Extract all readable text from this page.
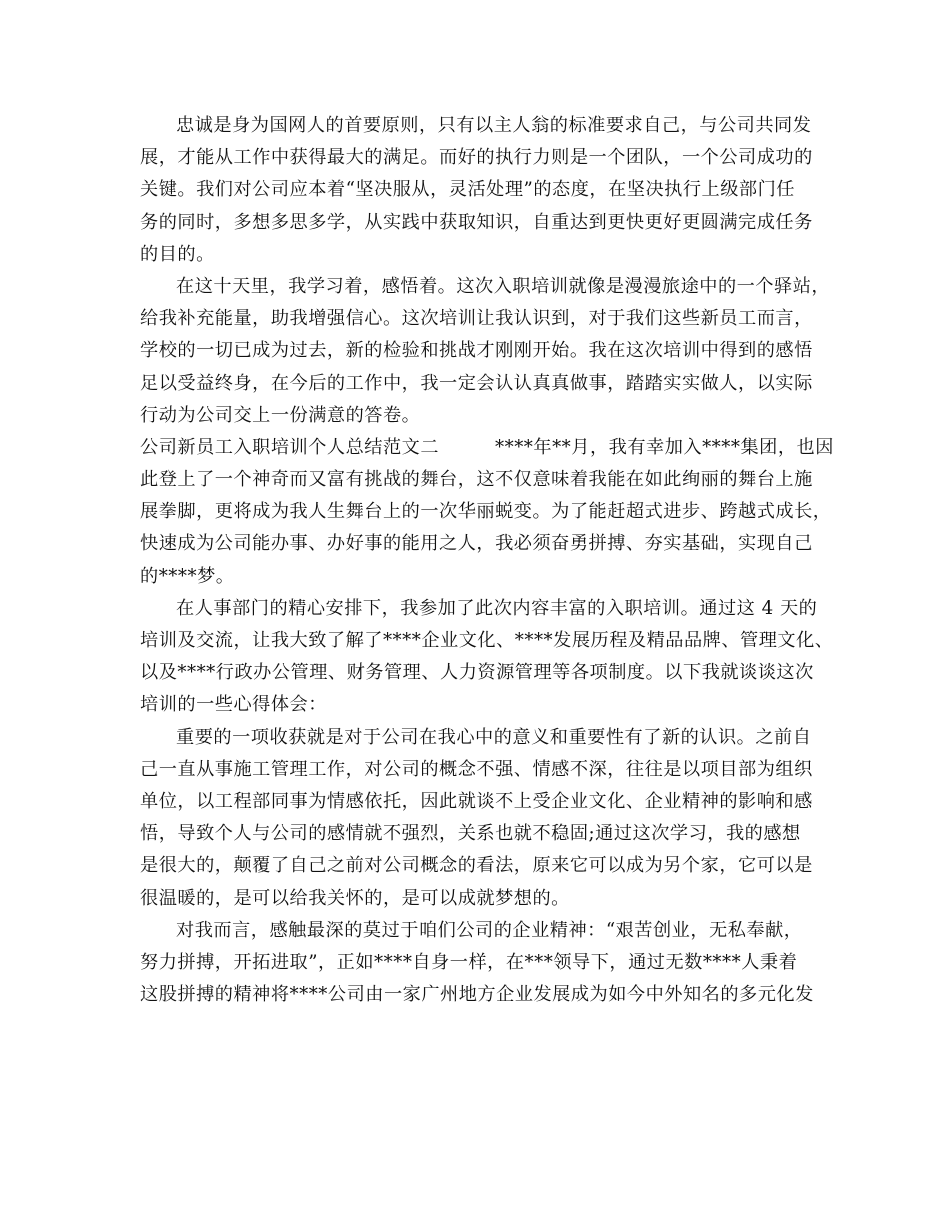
忠诚是身为国网人的首要原则，只有以主人翁的标准要求自己，与公司共同发
展，才能从工作中获得最大的满足。而好的执行力则是一个团队，一个公司成功的
关键。我们对公司应本着“坚决服从，灵活处理”的态度，在坚决执行上级部门任
务的同时，多想多思多学，从实践中获取知识，自重达到更快更好更圆满完成任务
的目的。
在这十天里，我学习着，感悟着。这次入职培训就像是漫漫旅途中的一个驿站，
给我补充能量，助我增强信心。这次培训让我认识到，对于我们这些新员工而言，
学校的一切已成为过去，新的检验和挑战才刚刚开始。我在这次培训中得到的感悟
足以受益终身，在今后的工作中，我一定会认认真真做事，踏踏实实做人，以实际
行动为公司交上一份满意的答卷。
公司新员工入职培训个人总结范文二	****年**月，我有幸加入****集团，也因
此登上了一个神奇而又富有挑战的舞台，这不仅意味着我能在如此绚丽的舞台上施
展拳脚，更将成为我人生舞台上的一次华丽蜕变。为了能赶超式进步、跨越式成长，
快速成为公司能办事、办好事的能用之人，我必须奋勇拼搏、夯实基础，实现自己
的****梦。
在人事部门的精心安排下，我参加了此次内容丰富的入职培训。通过这 4 天的
培训及交流，让我大致了解了****企业文化、****发展历程及精品品牌、管理文化、
以及****行政办公管理、财务管理、人力资源管理等各项制度。以下我就谈谈这次
培训的一些心得体会：
重要的一项收获就是对于公司在我心中的意义和重要性有了新的认识。之前自
己一直从事施工管理工作，对公司的概念不强、情感不深，往往是以项目部为组织
单位，以工程部同事为情感依托，因此就谈不上受企业文化、企业精神的影响和感
悟，导致个人与公司的感情就不强烈，关系也就不稳固;通过这次学习，我的感想
是很大的，颠覆了自己之前对公司概念的看法，原来它可以成为另个家，它可以是
很温暖的，是可以给我关怀的，是可以成就梦想的。
对我而言，感触最深的莫过于咱们公司的企业精神：“艰苦创业，无私奉献，
努力拼搏，开拓进取”，正如****自身一样，在***领导下，通过无数****人秉着
这股拼搏的精神将****公司由一家广州地方企业发展成为如今中外知名的多元化发
